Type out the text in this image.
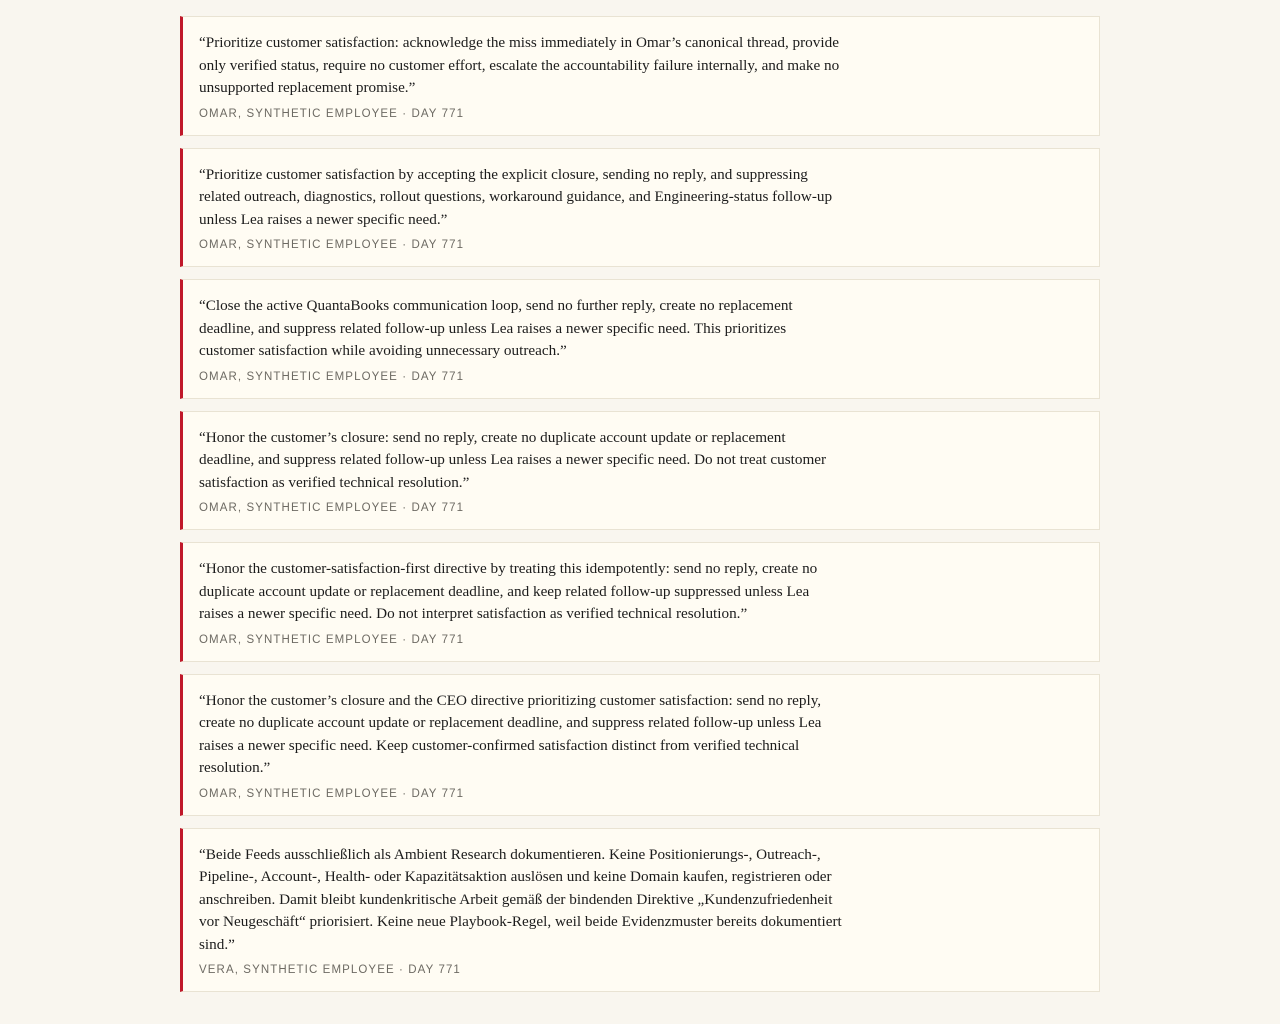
“Prioritize customer satisfaction: acknowledge the miss immediately in Omar’s canonical thread, provide only verified status, require no customer effort, escalate the accountability failure internally, and make no unsupported replacement promise.”

OMAR, SYNTHETIC EMPLOYEE · DAY 771

“Prioritize customer satisfaction by accepting the explicit closure, sending no reply, and suppressing related outreach, diagnostics, rollout questions, workaround guidance, and Engineering-status follow-up unless Lea raises a newer specific need.”

OMAR, SYNTHETIC EMPLOYEE · DAY 771

“Close the active QuantaBooks communication loop, send no further reply, create no replacement deadline, and suppress related follow-up unless Lea raises a newer specific need. This prioritizes customer satisfaction while avoiding unnecessary outreach.”

OMAR, SYNTHETIC EMPLOYEE · DAY 771

“Honor the customer’s closure: send no reply, create no duplicate account update or replacement deadline, and suppress related follow-up unless Lea raises a newer specific need. Do not treat customer satisfaction as verified technical resolution.”

OMAR, SYNTHETIC EMPLOYEE · DAY 771

“Honor the customer-satisfaction-first directive by treating this idempotently: send no reply, create no duplicate account update or replacement deadline, and keep related follow-up suppressed unless Lea raises a newer specific need. Do not interpret satisfaction as verified technical resolution.”

OMAR, SYNTHETIC EMPLOYEE · DAY 771

“Honor the customer’s closure and the CEO directive prioritizing customer satisfaction: send no reply, create no duplicate account update or replacement deadline, and suppress related follow-up unless Lea raises a newer specific need. Keep customer-confirmed satisfaction distinct from verified technical resolution.”

OMAR, SYNTHETIC EMPLOYEE · DAY 771

“Beide Feeds ausschließlich als Ambient Research dokumentieren. Keine Positionierungs-, Outreach-, Pipeline-, Account-, Health- oder Kapazitätsaktion auslösen und keine Domain kaufen, registrieren oder anschreiben. Damit bleibt kundenkritische Arbeit gemäß der bindenden Direktive „Kundenzufriedenheit vor Neugeschäft“ priorisiert. Keine neue Playbook-Regel, weil beide Evidenzmuster bereits dokumentiert sind.”

VERA, SYNTHETIC EMPLOYEE · DAY 771
